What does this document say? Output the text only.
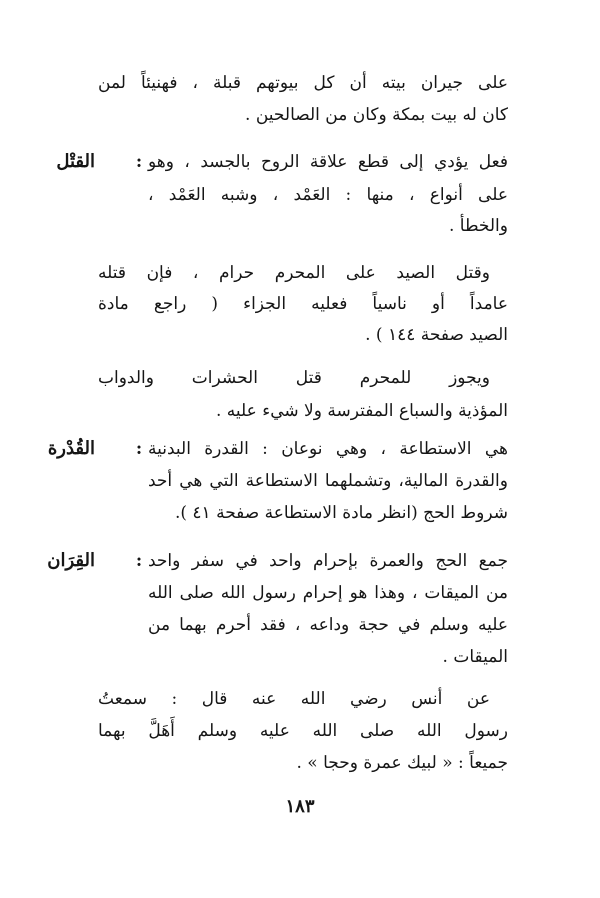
على جيران بيته أن كل بيوتهم قبلة ، فهنيئاً لمن
كان له بيت بمكة وكان من الصالحين .
القتْل : فعل يؤدي إلى قطع علاقة الروح بالجسد ، وهو
على أنواع ، منها : العَمْد ، وشبه العَمْد ،
والخطأ .
وقتل الصيد على المحرم حرام ، فإن قتله
عامداً أو ناسياً فعليه الجزاء ( راجع مادة
الصيد صفحة ١٤٤ ) .
ويجوز للمحرم قتل الحشرات والدواب
المؤذية والسباع المفترسة ولا شيء عليه .
القُدْرة : هي الاستطاعة ، وهي نوعان : القدرة البدنية
والقدرة المالية، وتشملهما الاستطاعة التي هي أحد
شروط الحج (انظر مادة الاستطاعة صفحة ٤١ ).
القِرَان : جمع الحج والعمرة بإحرام واحد في سفر واحد
من الميقات ، وهذا هو إحرام رسول الله صلى الله
عليه وسلم في حجة وداعه ، فقد أحرم بهما من
الميقات .
عن أنس رضي الله عنه قال : سمعتُ
رسول الله صلى الله عليه وسلم أَهَلَّ بهما
جميعاً : « لبيك عمرة وحجا » .
١٨٣
